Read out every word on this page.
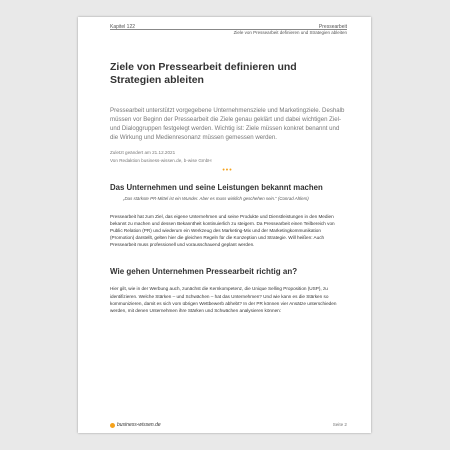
Kapitel 122	Pressearbeit
Ziele von Pressearbeit definieren und Strategien ableiten
Ziele von Pressearbeit definieren und Strategien ableiten

Pressearbeit unterstützt vorgegebene Unternehmensziele und Marketingziele. Deshalb müssen vor Beginn der Pressearbeit die Ziele genau geklärt und dabei wichtigen Ziel- und Dialoggruppen festgelegt werden. Wichtig ist: Ziele müssen konkret benannt und die Wirkung und Medienresonanz müssen gemessen werden.

Zuletzt geändert am 21.12.2021
Von Redaktion business-wissen.de, b-wise GmbH
•••
Das Unternehmen und seine Leistungen bekannt machen

„Das stärkste PR-Mittel ist ein Wunder. Aber es muss wirklich geschehen sein.“ (Conrad Ahlers)

Pressearbeit hat zum Ziel, das eigene Unternehmen und seine Produkte und Dienstleistungen in den Medien bekannt zu machen und dessen Bekanntheit kontinuierlich zu steigern. Da Pressearbeit einen Teilbereich von Public Relation (PR) und wiederum ein Werkzeug des Marketing-Mix und der Marketingkommunikation (Promotion) darstellt, gelten hier die gleichen Regeln für die Konzeption und Strategie. Will heißen: Auch Pressearbeit muss professionell und vorausschauend geplant werden.

Wie gehen Unternehmen Pressearbeit richtig an?

Hier gilt, wie in der Werbung auch, zunächst die Kernkompetenz, die Unique Selling Proposition (USP), zu identifizieren. Welche Stärken – und Schwächen – hat das Unternehmen? Und wie kann es die Stärken so kommunizieren, damit es sich vom übrigen Wettbewerb abhebt? In der PR können vier Ansätze unterschieden werden, mit denen Unternehmen ihre Stärken und Schwächen analysieren können:

business-wissen.de	Seite 2
